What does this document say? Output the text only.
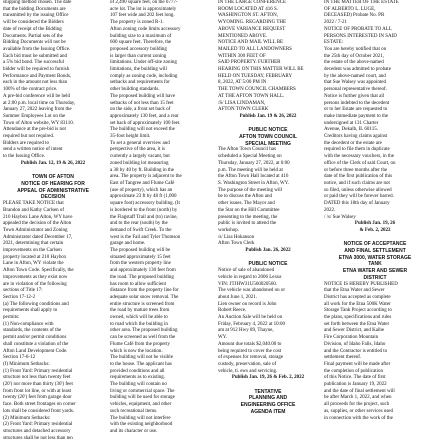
shipping method chosen. The date
that the bidding Documents are
transmitted by the issuing Office
will be considered the Bidders
date of receipt of the Bidding
Documents. Partial sets of the
Bidding Documents will not be
available from the Issuing Office.
Each bid must be submitted and
a 5% bid bond. The successful
bidder will be required to furnish
Performance and Payment Bonds,
each in the amount not less than
100% of the contract price.
A pre-bid conference will be held
at 2:00 p.m. local time on Thursday,
January 27, 2022 leaving from the
Summer Employees Lot on the
Town of Alton website, WY 83110.
Attendance at the pre-bid is not
required but not required.
Bidders are required to
send a written notice of intent
to the Issuing Office.
Publish Jan. 12, 19 & 26, 2022

TOWN OF AFTON
NOTICE OF HEARING FOR
APPEAL OF ADMINISTRATIVE
DECISION
PLEASE TAKE NOTICE that
Brandon and Kathy Carlsen of
210 Haybox Lane Alton, WY have
appealed the decision of the Alton
Town Administrator and Zoning
Administrator dated December 17,
2021, determining that certain
improvements on the Carlsen
property located at 210 Haybox
Lane in Afton, WY violate the
Afton Town Code. Specifically, the
improvements as they exist now
are in violation of the following
sections of Title 17:
Section 17-12-2
(a) The following conditions and
requirements shall apply to
permits:
(1) Non-compliance with
standards, the contents of the
permit and/or permit conditions
shall constitute a violation of the
Afton Land Development Code.
Section 17-6-12
(f) Minimum Setbacks:
(1) Front Yard: Primary residential
structure not less than twenty feet
(20') nor more than thirty (30') feet
from front lot line, or with at least
twenty (20') feet from garage door
face. Both street frontages on corner
lots shall be considered front yards.
(2) Minimum Setbacks:
(2) Front Yard: Primary residential
structures and detached accessory
structures shall be not less than ten
of 2,490 square feet, on the 6777-
acre lot. The lot is approximately
107 feet wide and 202 feet long.
The property is zoned R-1.
Afton zoning code limits accessory
building size to a maximum of
600 square feet. Therefore, the
proposed accessory building
is larger than current zoning
limitations. Under off-site zoning
limitations, the building will
comply as zoning code, including
setbacks and requirements for
other building standards.
The proposed building will have
setbacks of not less than 15 feet
on the side, a front set back of
approximately 130 feet, and a rear
set back of approximately 100 feet.
The building will not exceed the
35-foot height limit.
To set a general overview and
perspective of the area, it is
currently a largely vacant, but
zoned building lot measuring
a 38 by 40 by ft. Building in the
area. The property is adjacent to the
East of Tangree and Flume Café
(use of property), which has an
approximate 23 ft by 48 ft (1,000
square foot) accessory building. (It
is bordered to the front (north) by
the Flagstaff Trail and (to) ravine,
and to the rear (south) by the
demand of Swift Creek. To the
west is the Fail and Tyler Thomson
garage and home.
The proposed building will be
situated approximately 15 feet
from the western property line
and approximately 130 feet from
the road. The proposed building
has room to allow sufficient
distance from the property line for
adequate solar snow removal. The
entire structure is screened from
the road by mature trees from
owned, which will be able to
to road which the building in
other area. The proposed building
can be screened as well from the
Flume Café from the property
which is now the location.
The building will not be visible
to the house. The applicant has
provided conditions and all
requirements as to existing.
The building will contain no
living or commercial space. The
building will be used for storage
vehicles, equipment, and other
such recreational items.
The building will not interfere
with the existing neighborhood
and its character or use.
IN THE LARGE CONFERENCE
ROOM LOCATED AT 416 S.
WASHINGTON ST. AFTON,
WYOMING. REGARDING THE
ABOVE VARIANCE REQUEST
MENTIONED ABOVE.
NOTICE AND MAIL WILL BE
MAILED TO ALL LANDOWNERS
WITHIN 300 FEET OF
SAID PROPERTY. FURTHER
HEARING ON THIS MATTER WILL BE
HELD ON TUESDAY, FEBRUARY
8, 2022, AT 5:00 PM IN
THE TOWN COUNCIL CHAMBERS
AT THE AFTON TOWN HALL.
/S/ LISA LINDAMAN,
AFTON TOWN CLERK
Publish Jan. 19 & 26, 2022

PUBLIC NOTICE
AFTON TOWN COUNCIL
SPECIAL MEETING
The Afton Town Council has
scheduled a Special Meeting on
Thursday, January 27, 2022, at 6:00
p.m. The meeting will be held at
the Afton Town Hall located at 416
S. Washington Street in Afton, WY.
The purpose of the meeting will
be to discuss the Afton and
other issues. The Mayor and
the Star on the Hill Committee
presenting to the meeting, the
public is invited to attend the
workshop.
/s/ Lisa Hokanson
Afton Town Clerk
Publish Jan. 26, 2022

PUBLIC NOTICE
Notice of sale of abandoned
vehicle in regard to 2006 Lexus
VIN: JTJHW31U560020560.
The vehicle was abandoned on or
about June 1, 2021.
Lien owner on record is John
Robert Reece.
An Auction Sale will be held on
Friday, February 4, 2022 at 10:00
am at 912 Hwy 89, Thayne,
WY.
Amount due totals $2,040.00 to
being required to cover the cost
of expenses for removal, storage
custody, preservation, sale of
vehicle, ti. ews and servicing.
Publish Jan. 19, 26 & Feb. 2, 2022

TENTATIVE
PLANNING AND
ENGINEERING OFFICE
AGENDA ITEM
IN THE MATTER OF THE ESTATE
OF ALBERTO L. LUGE,
DECEASED) Probate No. PR
2022 / 7-21
NOTICE OF PROBATE TO ALL
PERSONS INTERESTED IN SAID
ESTATE:
You are hereby notified that on
the 25th day of October 2021,
the estate of the above-named
decedent was admitted to probate
by the above-named court, and
that Sue Walsey was appointed
personal representative thereof.
Notice is further given that all
persons indebted to the decedent
or to her Estate are requested to
make immediate payment to the
undersigned at 131 Charter
Avenue, Dekalb, IL 60115.
Creditors having claims against
the decedent or the estate are
required to file them in duplicate
with the necessary vouchers, in the
office of the Clerk of said Court, on
or before three months after the
date of the first publication of this
notice, and if such claims are not
so filed, unless otherwise allowed
or paid they will be forever barred.
DATED this 18th day of January
2022.
/ /s/ Sue Walsey
Publish Jan. 19, 26
& Feb. 2, 2022

NOTICE OF ACCEPTANCE
AND FINAL SETTLEMENT
ETNA 3000, WATER STORAGE
TANK
ETNA WATER AND SEWER
DISTRICT
NOTICE IS HEREBY PUBLISHED
that the Etna Water and Sewer
District has accepted as complete
all work for the Etna 500K Water
Storage Tank Project according to
the plans, specifications and rules
set forth between the Etna Water
and Sewer District, and Kaibe
Fire Corporation Mountain
Division, of Idaho Falls, Idaho
and the Contractor is entitled to
settlement thereof.
Final payment will be made after
the completion of publication
of this Notice. The date of first
publication is January 19, 2022
and the date of final settlement will
be after March 1, 2022, and when
all proceeds for the project, such
as, supplies, or other services used
in connection with the work of the
